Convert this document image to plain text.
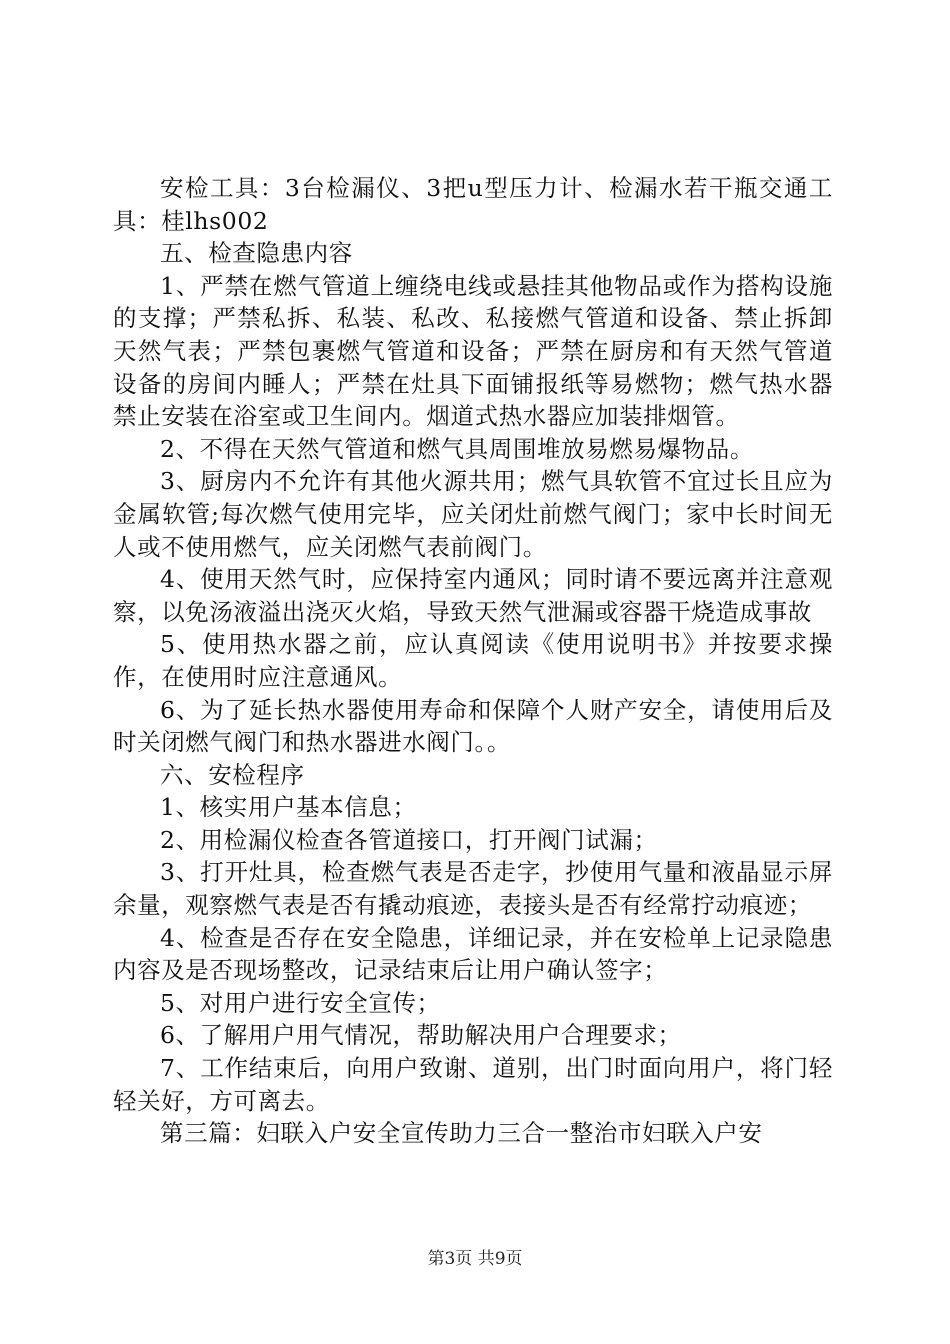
安检工具：3台检漏仪、3把u型压力计、检漏水若干瓶交通工具：桂lhs002

五、检查隐患内容

1、严禁在燃气管道上缠绕电线或悬挂其他物品或作为搭构设施的支撑；严禁私拆、私装、私改、私接燃气管道和设备、禁止拆卸天然气表；严禁包裹燃气管道和设备；严禁在厨房和有天然气管道设备的房间内睡人；严禁在灶具下面铺报纸等易燃物；燃气热水器禁止安装在浴室或卫生间内。烟道式热水器应加装排烟管。

2、不得在天然气管道和燃气具周围堆放易燃易爆物品。

3、厨房内不允许有其他火源共用；燃气具软管不宜过长且应为金属软管;每次燃气使用完毕，应关闭灶前燃气阀门；家中长时间无人或不使用燃气，应关闭燃气表前阀门。

4、使用天然气时，应保持室内通风；同时请不要远离并注意观察，以免汤液溢出浇灭火焰，导致天然气泄漏或容器干烧造成事故

5、使用热水器之前，应认真阅读《使用说明书》并按要求操作，在使用时应注意通风。

6、为了延长热水器使用寿命和保障个人财产安全，请使用后及时关闭燃气阀门和热水器进水阀门。。

六、安检程序

1、核实用户基本信息；

2、用检漏仪检查各管道接口，打开阀门试漏；

3、打开灶具，检查燃气表是否走字，抄使用气量和液晶显示屏余量，观察燃气表是否有撬动痕迹，表接头是否有经常拧动痕迹；

4、检查是否存在安全隐患，详细记录，并在安检单上记录隐患内容及是否现场整改，记录结束后让用户确认签字；

5、对用户进行安全宣传；

6、了解用户用气情况，帮助解决用户合理要求；

7、工作结束后，向用户致谢、道别，出门时面向用户，将门轻轻关好，方可离去。

第三篇：妇联入户安全宣传助力三合一整治市妇联入户安

第3页 共9页
